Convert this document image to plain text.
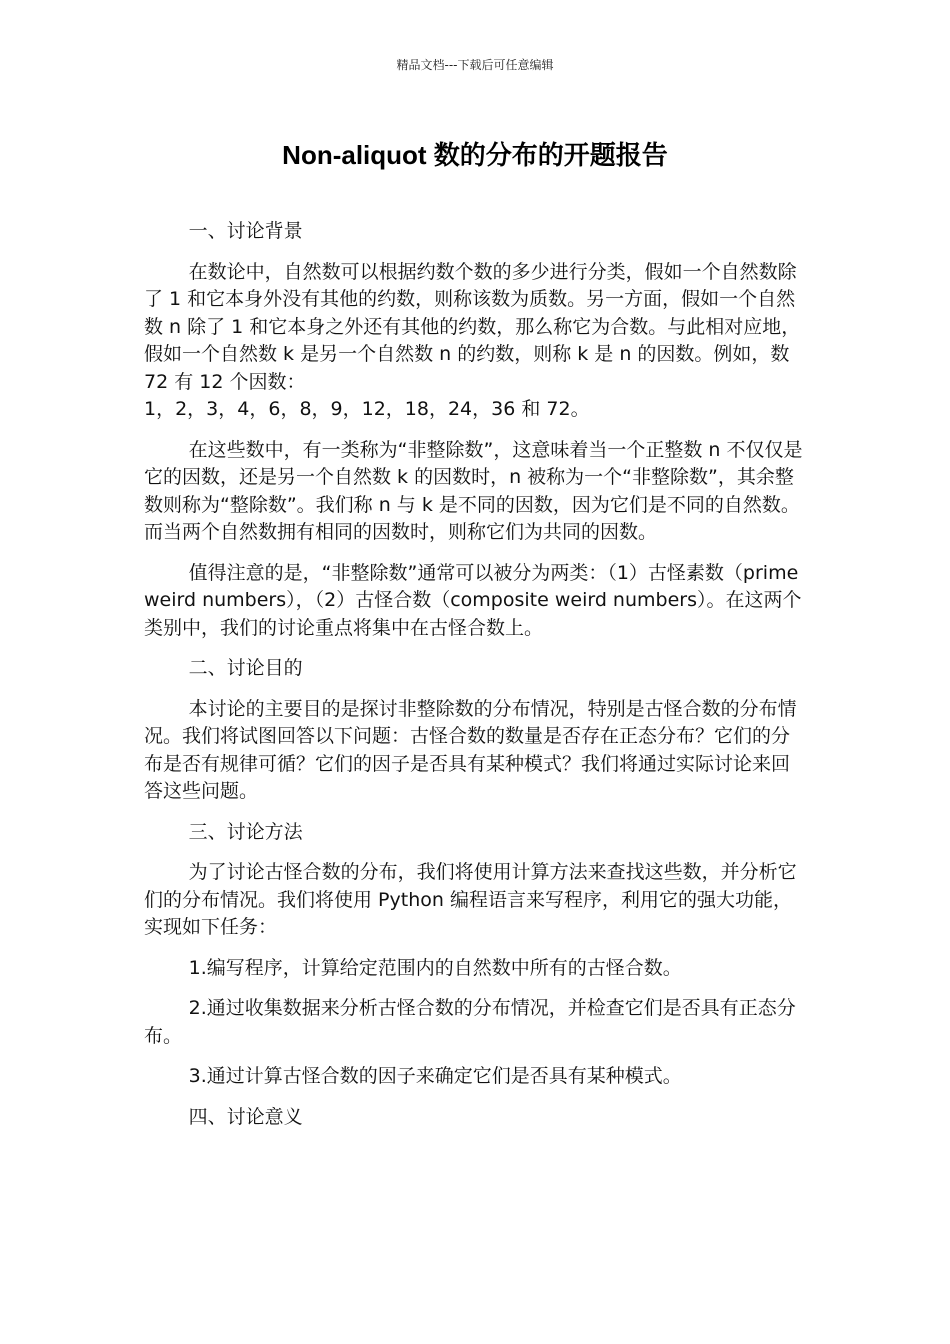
精品文档---下载后可任意编辑
Non-aliquot 数的分布的开题报告

一、讨论背景

在数论中，自然数可以根据约数个数的多少进行分类，假如一个自然数除了 1 和它本身外没有其他的约数，则称该数为质数。另一方面，假如一个自然数 n 除了 1 和它本身之外还有其他的约数，那么称它为合数。与此相对应地，假如一个自然数 k 是另一个自然数 n 的约数，则称 k 是 n 的因数。例如，数 72 有 12 个因数：

1，2，3，4，6，8，9，12，18，24，36 和 72。

在这些数中，有一类称为“非整除数”，这意味着当一个正整数 n 不仅仅是它的因数，还是另一个自然数 k 的因数时，n 被称为一个“非整除数”，其余整数则称为“整除数”。我们称 n 与 k 是不同的因数，因为它们是不同的自然数。而当两个自然数拥有相同的因数时，则称它们为共同的因数。

值得注意的是，“非整除数”通常可以被分为两类：（1）古怪素数（prime weird numbers），（2）古怪合数（composite weird numbers）。在这两个类别中，我们的讨论重点将集中在古怪合数上。

二、讨论目的

本讨论的主要目的是探讨非整除数的分布情况，特别是古怪合数的分布情况。我们将试图回答以下问题：古怪合数的数量是否存在正态分布？它们的分布是否有规律可循？它们的因子是否具有某种模式？我们将通过实际讨论来回答这些问题。

三、讨论方法

为了讨论古怪合数的分布，我们将使用计算方法来查找这些数，并分析它们的分布情况。我们将使用 Python 编程语言来写程序，利用它的强大功能，实现如下任务：

1.编写程序，计算给定范围内的自然数中所有的古怪合数。

2.通过收集数据来分析古怪合数的分布情况，并检查它们是否具有正态分布。

3.通过计算古怪合数的因子来确定它们是否具有某种模式。

四、讨论意义
